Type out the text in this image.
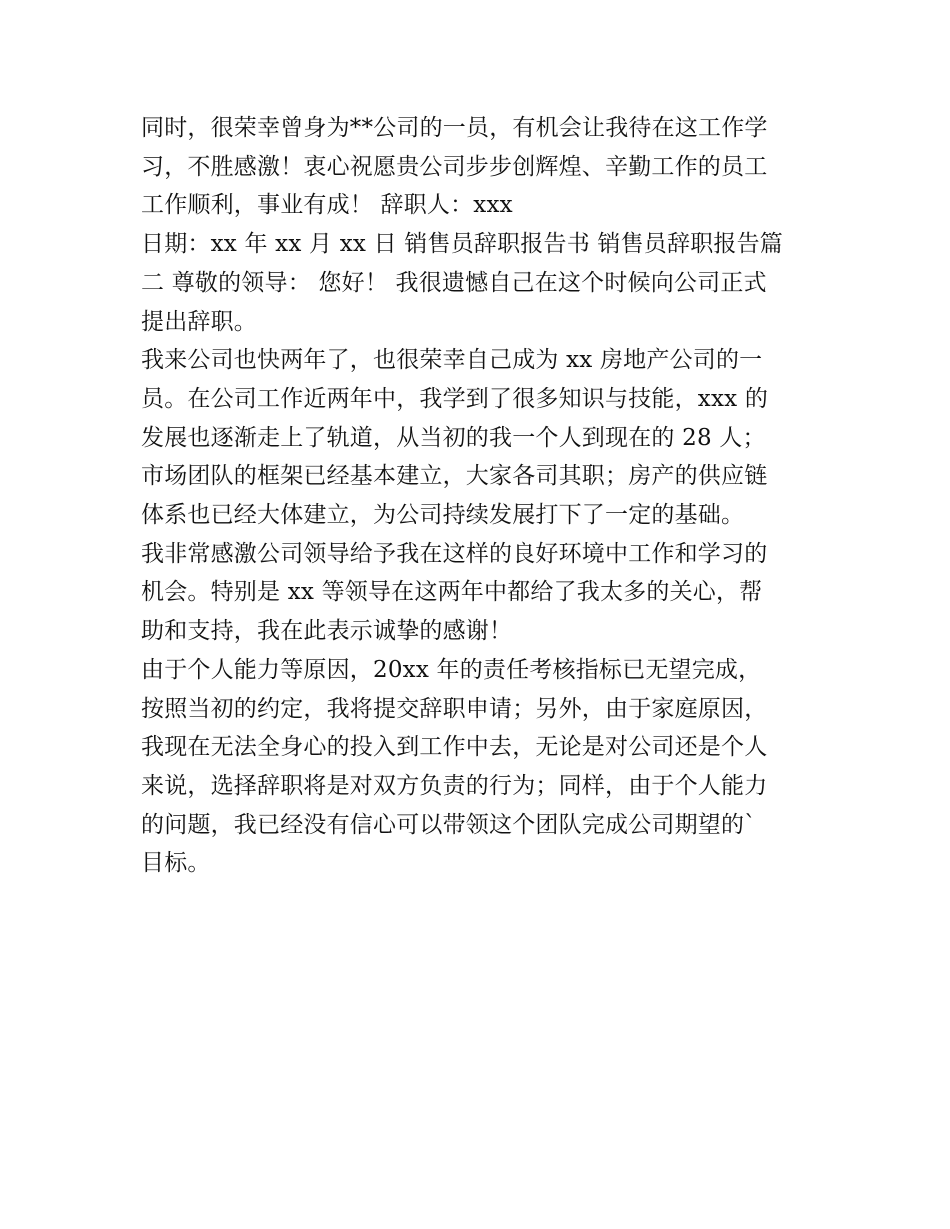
同时，很荣幸曾身为**公司的一员，有机会让我待在这工作学
习，不胜感激！衷心祝愿贵公司步步创辉煌、辛勤工作的员工
工作顺利，事业有成！ 辞职人：xxx
日期：xx 年 xx 月 xx 日 销售员辞职报告书 销售员辞职报告篇
二 尊敬的领导： 您好！ 我很遗憾自己在这个时候向公司正式
提出辞职。
我来公司也快两年了，也很荣幸自己成为 xx 房地产公司的一
员。在公司工作近两年中，我学到了很多知识与技能，xxx 的
发展也逐渐走上了轨道，从当初的我一个人到现在的 28 人；
市场团队的框架已经基本建立，大家各司其职；房产的供应链
体系也已经大体建立，为公司持续发展打下了一定的基础。
我非常感激公司领导给予我在这样的良好环境中工作和学习的
机会。特别是 xx 等领导在这两年中都给了我太多的关心，帮
助和支持，我在此表示诚挚的感谢！
由于个人能力等原因，20xx 年的责任考核指标已无望完成，
按照当初的约定，我将提交辞职申请；另外，由于家庭原因，
我现在无法全身心的投入到工作中去，无论是对公司还是个人
来说，选择辞职将是对双方负责的行为；同样，由于个人能力
的问题，我已经没有信心可以带领这个团队完成公司期望的`
目标。
